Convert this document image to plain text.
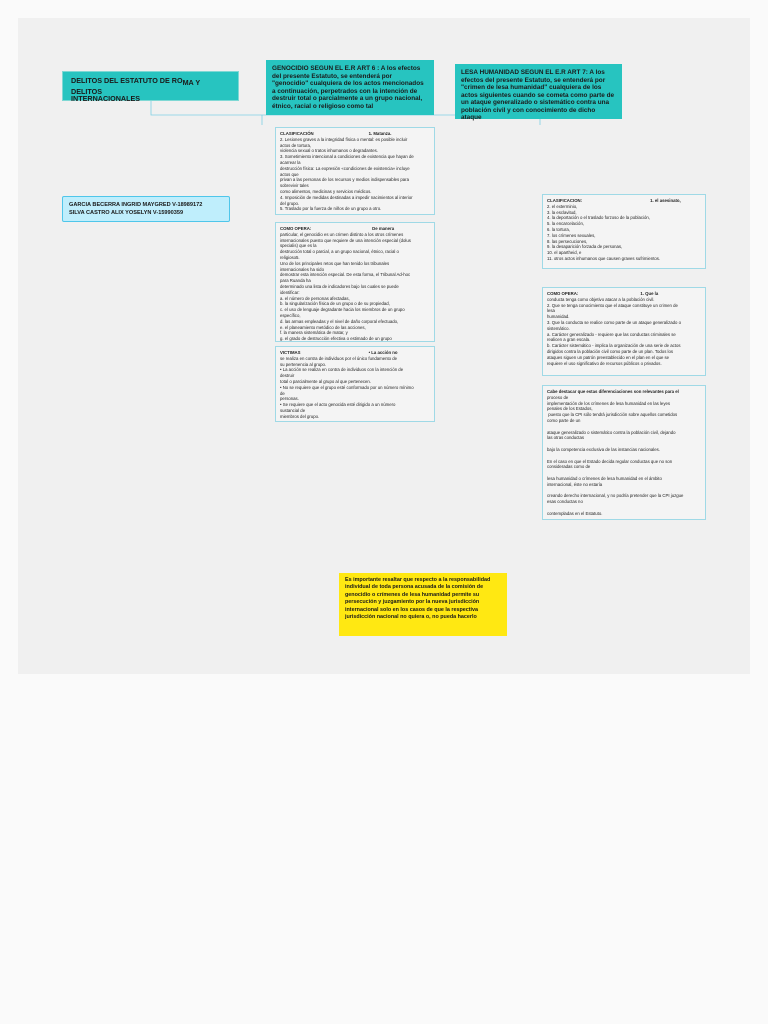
DELITOS DEL ESTATUTO DE ROMA Y DELITOS
INTERNACIONALES
GARCIA BECERRA INGRID MAYGRED V-18989172
SILVA CASTRO ALIX YOSELYN V-15990359
GENOCIDIO SEGUN EL E.R ART 6 : A los efectos del presente Estatuto, se entenderá por "genocidio" cualquiera de los actos mencionados a continuación, perpetrados con la intención de destruir total o parcialmente a un grupo nacional, étnico, racial o religioso como tal
LESA HUMANIDAD SEGUN EL E.R ART 7: A los efectos del presente Estatuto, se entenderá por "crimen de lesa humanidad" cualquiera de los actos siguientes cuando se cometa como parte de un ataque generalizado o sistemático contra una población civil y con conocimiento de dicho ataque
CLASIFICACIÓN                                              1. Matanza.
2. Lesiones graves a la integridad física o mental: es posible incluir
actos de tortura,
violencia sexual o tratos inhumanos o degradantes.
3. Sometimiento intencional a condiciones de existencia que hayan de
acarrear la
destrucción física: La expresión «condiciones de existencia» incluye
actos que
privan a las personas de los recursos y medios indispensables para
sobrevivir tales
como alimentos, medicinas y servicios médicos.
4. Imposición de medidas destinadas a impedir nacimientos al interior
del grupo.
5. Traslado por la fuerza de niños de un grupo a otro.
COMO OPERA:                                                   De manera
particular, el genocidio es un crimen distinto a los otros crímenes
internacionales puesto que requiere de una intención especial (dolus
specialis) que es la
destrucción total o parcial, a un grupo nacional, étnico, racial o
religioso5.
Uno de los principales retos que han tenido los tribunales
internacionales ha sido
demostrar esta intención especial. De esta forma, el Tribunal Ad-hoc
para Ruanda ha
determinado una lista de indicadores bajo los cuales se puede
identificar:
a. el número de personas afectadas,
b. la singularización física de un grupo o de su propiedad,
c. el uso de lenguaje degradante hacia los miembros de un grupo
específico,
d. las armas empleadas y el nivel de daño corporal efectuado,
e. el planeamiento metódico de las acciones,
f. la manera sistemática de matar, y
g. el grado de destrucción efectiva o estimado de un grupo
VICTIMAS                                                         • La acción no
se realiza en contra de individuos por el único fundamento de
su pertenencia al grupo.
• La acción se realiza en contra de individuos con la intención de
destruir
total o parcialmente al grupo al que pertenecen.
• No se requiere que el grupo esté conformado por un número mínimo
de
personas.
• Se requiere que el acto genocida esté dirigido a un número
sustancial de
miembros del grupo.
CLASIFICACION:                                                         1. el asesinato,
2. el exterminio,
3. la esclavitud,
4. la deportación o el traslado forzoso de la población,
5. la encarcelación,
6. la tortura,
7. los crímenes sexuales,
8. las persecuciones,
9. la desaparición forzada de personas,
10. el apartheid, e
11. otros actos inhumanos que causen graves sufrimientos.
COMO OPERA:                                                    1. Que la
conducta tenga como objetivo atacar a la población civil.
2. Que se tenga conocimiento que el ataque constituye un crimen de
lesa
humanidad.
3. Que la conducta se realice como parte de un ataque generalizado o
sistemático.
a. Carácter generalizado - requiere que las conductas criminales se
realicen a gran escala.
b. Carácter sistemático - implica la organización de una serie de actos
dirigidos contra la población civil como parte de un plan. Todos los
ataques siguen un patrón preestablecido en el plan en el que se
requiere el uso significativo de recursos públicos o privados.
Cabe destacar que estas diferenciaciones son relevantes para el
proceso de
implementación de los crímenes de lesa humanidad en las leyes
penales de los Estados,
puesto que la CPI sólo tendrá jurisdicción sobre aquellos cometidos
como parte de un

ataque generalizado o sistemático contra la población civil, dejando
las otras conductas

bajo la competencia exclusiva de las instancias nacionales.

En el caso en que el Estado decida regular conductas que no son
consideradas como de

lesa humanidad o crímenes de lesa humanidad en el ámbito
internacional, éste no estaría

creando derecho internacional, y no podría pretender que la CPI juzgue
esas conductas no

contempladas en el Estatuto.
Es importante resaltar que respecto a la responsabilidad individual de toda persona acusada de la comisión de genocidio o crímenes de lesa humanidad permite su persecución y juzgamiento por la nueva jurisdicción internacional solo en los casos de que la respectiva jurisdicción nacional no quiera o, no pueda hacerlo
